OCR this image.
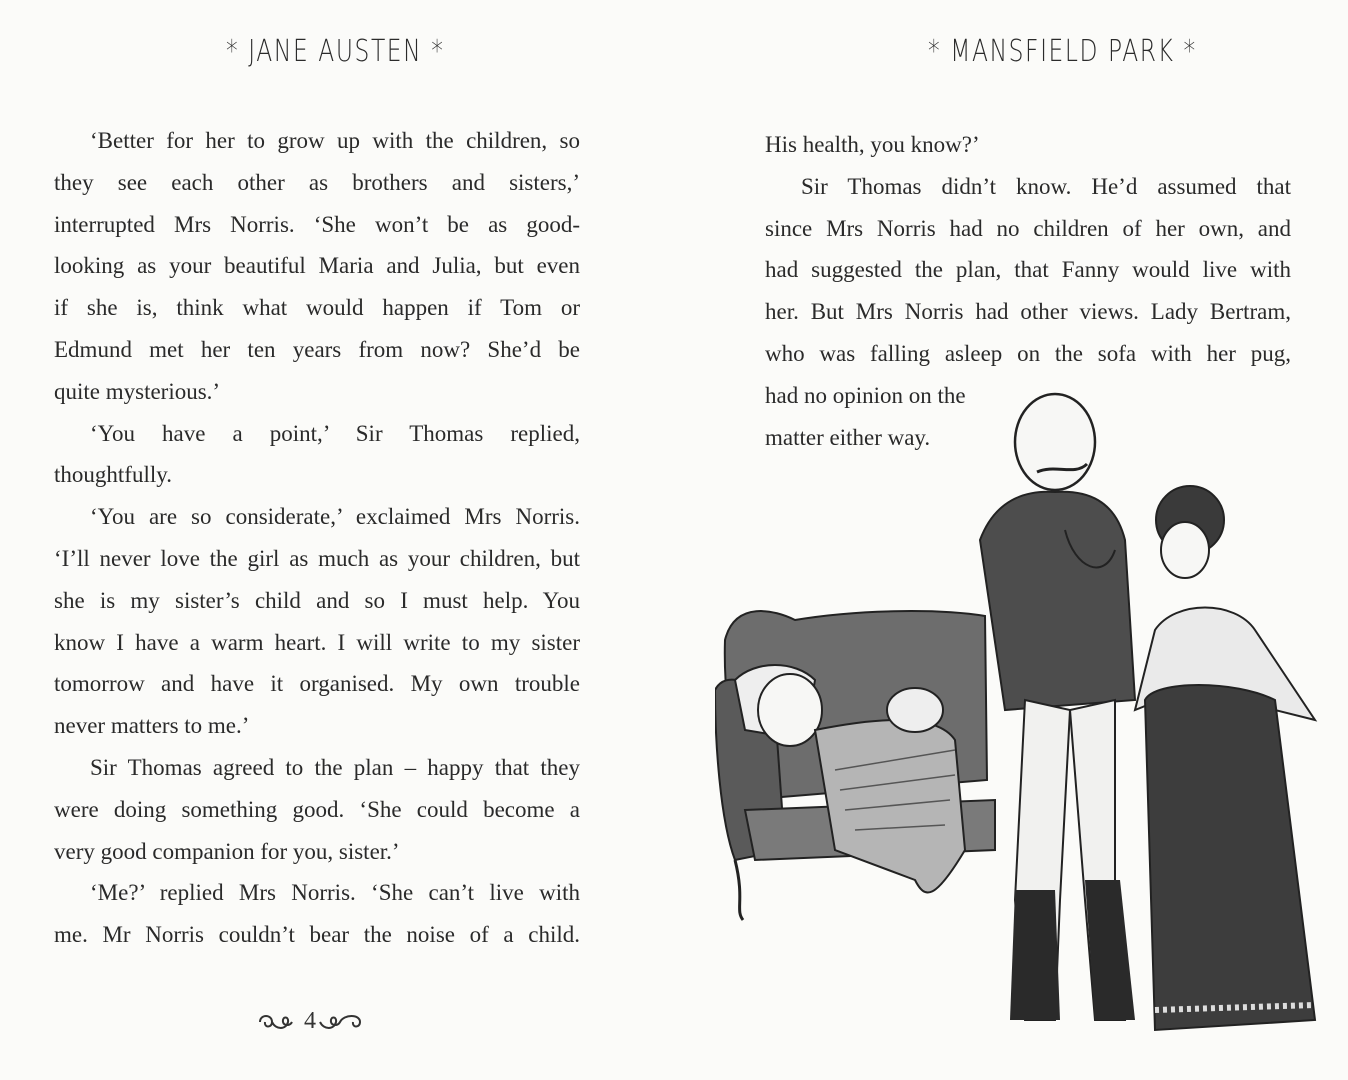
* JANE AUSTEN *
‘Better for her to grow up with the children, so
they see each other as brothers and sisters,’
interrupted Mrs Norris. ‘She won’t be as good-
looking as your beautiful Maria and Julia, but even
if she is, think what would happen if Tom or
Edmund met her ten years from now? She’d be
quite mysterious.’
‘You have a point,’ Sir Thomas replied,
thoughtfully.
‘You are so considerate,’ exclaimed Mrs Norris.
‘I’ll never love the girl as much as your children, but
she is my sister’s child and so I must help. You
know I have a warm heart. I will write to my sister
tomorrow and have it organised. My own trouble
never matters to me.’
Sir Thomas agreed to the plan – happy that they
were doing something good. ‘She could become a
very good companion for you, sister.’
‘Me?’ replied Mrs Norris. ‘She can’t live with
me. Mr Norris couldn’t bear the noise of a child.
4
* MANSFIELD PARK *
His health, you know?’
Sir Thomas didn’t know. He’d assumed that
since Mrs Norris had no children of her own, and
had suggested the plan, that Fanny would live with
her. But Mrs Norris had other views. Lady Bertram,
who was falling asleep on the sofa with her pug,
had no opinion on the
matter either way.
